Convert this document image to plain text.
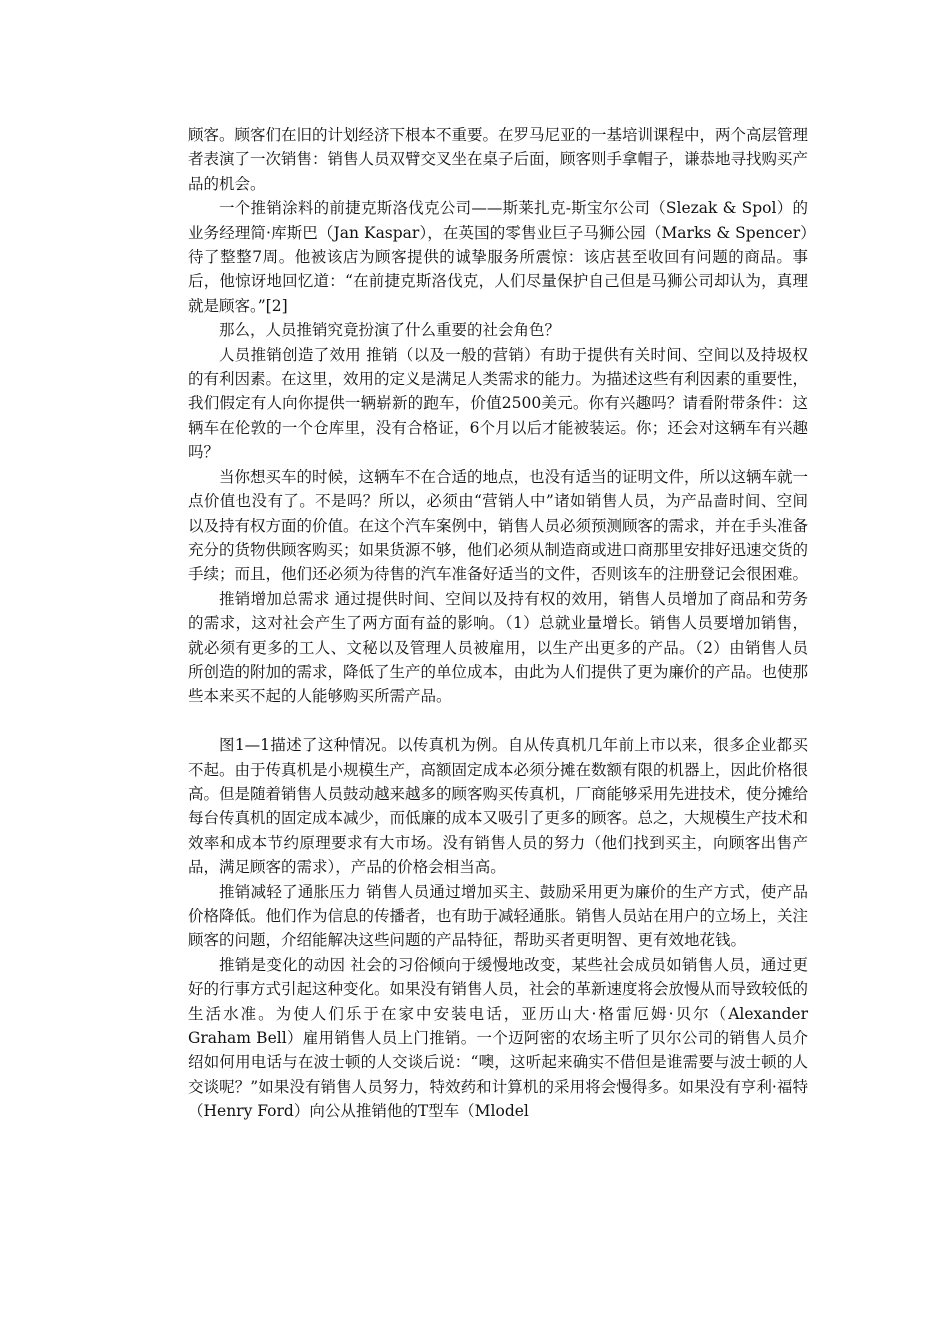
顾客。顾客们在旧的计划经济下根本不重要。在罗马尼亚的一基培训课程中，两个高层管理者表演了一次销售：销售人员双臂交叉坐在桌子后面，顾客则手拿帽子，谦恭地寻找购买产品的机会。

一个推销涂料的前捷克斯洛伐克公司——斯莱扎克-斯宝尔公司（Slezak & Spol）的业务经理简·库斯巴（Jan Kaspar），在英国的零售业巨子马狮公园（Marks & Spencer）待了整整7周。他被该店为顾客提供的诚挚服务所震惊：该店甚至收回有问题的商品。事后，他惊讶地回忆道：“在前捷克斯洛伐克，人们尽量保护自己但是马狮公司却认为，真理就是顾客。”[2]

那么，人员推销究竟扮演了什么重要的社会角色？

人员推销创造了效用 推销（以及一般的营销）有助于提供有关时间、空间以及持圾权的有利因素。在这里，效用的定义是满足人类需求的能力。为描述这些有利因素的重要性，我们假定有人向你提供一辆崭新的跑车，价值2500美元。你有兴趣吗？请看附带条件：这辆车在伦敦的一个仓库里，没有合格证，6个月以后才能被装运。你；还会对这辆车有兴趣吗？

当你想买车的时候，这辆车不在合适的地点，也没有适当的证明文件，所以这辆车就一点价值也没有了。不是吗？所以，必须由“营销人中”诸如销售人员，为产品啬时间、空间以及持有权方面的价值。在这个汽车案例中，销售人员必须预测顾客的需求，并在手头准备充分的货物供顾客购买；如果货源不够，他们必须从制造商或进口商那里安排好迅速交货的手续；而且，他们还必须为待售的汽车准备好适当的文件，否则该车的注册登记会很困难。

推销增加总需求 通过提供时间、空间以及持有权的效用，销售人员增加了商品和劳务的需求，这对社会产生了两方面有益的影响。（1）总就业量增长。销售人员要增加销售，就必须有更多的工人、文秘以及管理人员被雇用，以生产出更多的产品。（2）由销售人员所创造的附加的需求，降低了生产的单位成本，由此为人们提供了更为廉价的产品。也使那些本来买不起的人能够购买所需产品。

图1—1描述了这种情况。以传真机为例。自从传真机几年前上市以来，很多企业都买不起。由于传真机是小规模生产，高额固定成本必须分摊在数额有限的机器上，因此价格很高。但是随着销售人员鼓动越来越多的顾客购买传真机，厂商能够采用先进技术，使分摊给每台传真机的固定成本减少，而低廉的成本又吸引了更多的顾客。总之，大规模生产技术和效率和成本节约原理要求有大市场。没有销售人员的努力（他们找到买主，向顾客出售产品，满足顾客的需求），产品的价格会相当高。

推销减轻了通胀压力 销售人员通过增加买主、鼓励采用更为廉价的生产方式，使产品价格降低。他们作为信息的传播者，也有助于减轻通胀。销售人员站在用户的立场上，关注顾客的问题，介绍能解决这些问题的产品特征，帮助买者更明智、更有效地花钱。

推销是变化的动因 社会的习俗倾向于缓慢地改变，某些社会成员如销售人员，通过更好的行事方式引起这种变化。如果没有销售人员，社会的革新速度将会放慢从而导致较低的生活水准。为使人们乐于在家中安装电话，亚历山大·格雷厄姆·贝尔（Alexander Graham Bell）雇用销售人员上门推销。一个迈阿密的农场主听了贝尔公司的销售人员介绍如何用电话与在波士顿的人交谈后说：“噢，这听起来确实不借但是谁需要与波士顿的人交谈呢？”如果没有销售人员努力，特效药和计算机的采用将会慢得多。如果没有亨利·福特（Henry Ford）向公从推销他的T型车（Mlodel
